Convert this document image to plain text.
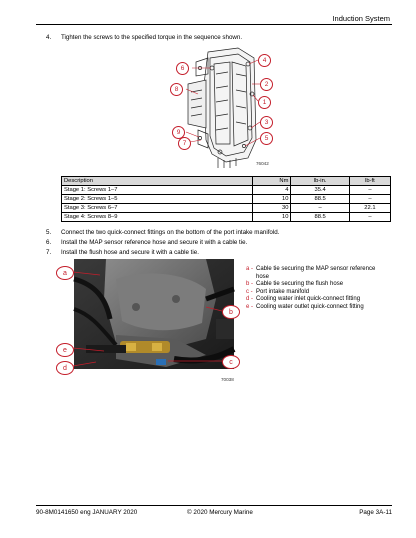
Induction System
4. Tighten the screws to the specified torque in the sequence shown.
6
4
8
2
1
3
9
7
5
76042
Description	Nm	lb-in.	lb-ft
Stage 1: Screws 1–7	4	35.4	–
Stage 2: Screws 1–5	10	88.5	–
Stage 3: Screws 6–7	30	–	22.1
Stage 4: Screws 8–9	10	88.5	–
5. Connect the two quick-connect fittings on the bottom of the port intake manifold.
6. Install the MAP sensor reference hose and secure it with a cable tie.
7. Install the flush hose and secure it with a cable tie.
a
b
e
c
d
70038
a - Cable tie securing the MAP sensor reference
hose
b - Cable tie securing the flush hose
c - Port intake manifold
d - Cooling water inlet quick-connect fitting
e - Cooling water outlet quick-connect fitting
90-8M0141650 eng JANUARY 2020	© 2020 Mercury Marine	Page 3A-11
